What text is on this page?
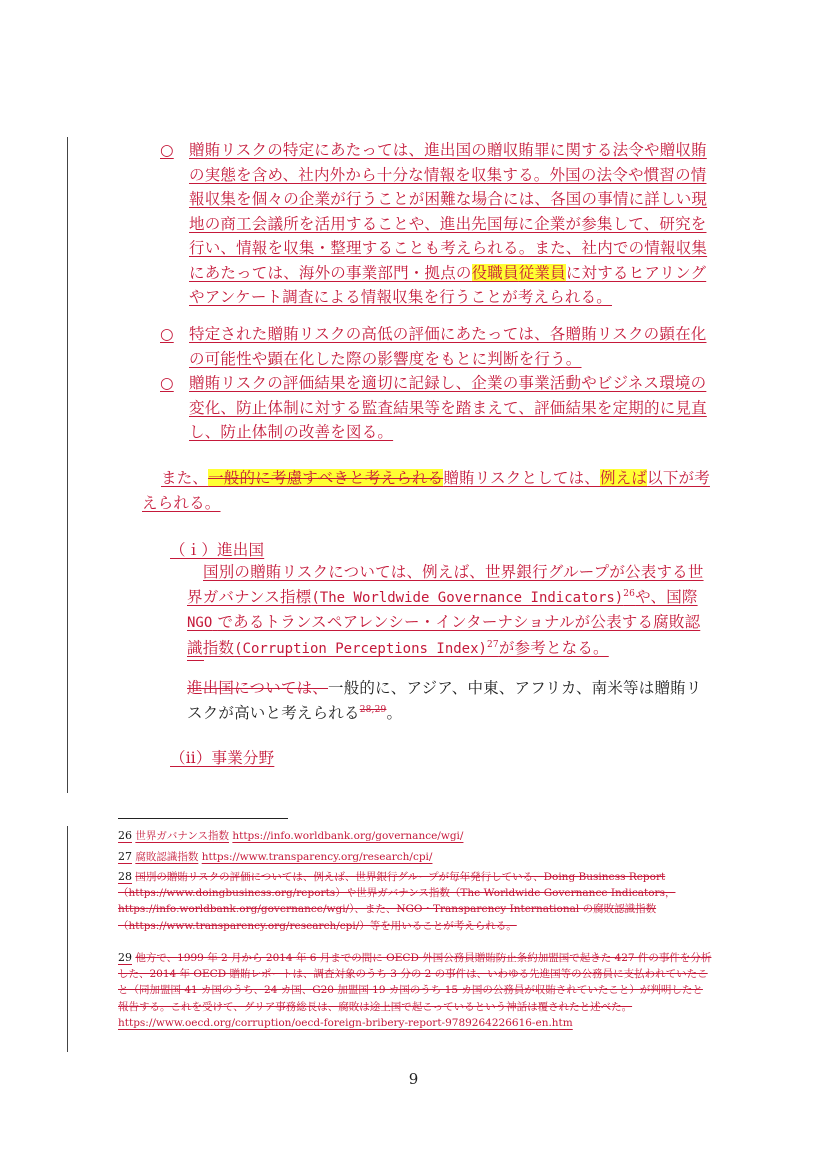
○ 贈賄リスクの特定にあたっては、進出国の贈収賄罪に関する法令や贈収賄の実態を含め、社内外から十分な情報を収集する。外国の法令や慣習の情報収集を個々の企業が行うことが困難な場合には、各国の事情に詳しい現地の商工会議所を活用することや、進出先国毎に企業が参集して、研究を行い、情報を収集・整理することも考えられる。また、社内での情報収集にあたっては、海外の事業部門・拠点の役職員従業員に対するヒアリングやアンケート調査による情報収集を行うことが考えられる。
○ 特定された贈賄リスクの高低の評価にあたっては、各贈賄リスクの顕在化の可能性や顕在化した際の影響度をもとに判断を行う。
○ 贈賄リスクの評価結果を適切に記録し、企業の事業活動やビジネス環境の変化、防止体制に対する監査結果等を踏まえて、評価結果を定期的に見直し、防止体制の改善を図る。
また、一般的に考慮すべきと考えられる贈賄リスクとしては、例えば以下が考えられる。
（ｉ）進出国
国別の贈賄リスクについては、例えば、世界銀行グループが公表する世界ガバナンス指標(The Worldwide Governance Indicators)$^{26}$や、国際 NGO であるトランスペアレンシー・インターナショナルが公表する腐敗認識指数(Corruption Perceptions Index)$^{27}$が参考となる。
進出国については、一般的に、アジア、中東、アフリカ、南米等は贈賄リスクが高いと考えられる$^{28,29}$。
（ⅱ）事業分野
26 世界ガバナンス指数 https://info.worldbank.org/governance/wgi/
27 腐敗認識指数 https://www.transparency.org/research/cpi/
28 国別の贈賄リスクの評価については、例えば、世界銀行グループが毎年発行している、Doing Business Report（https://www.doingbusiness.org/reports）や世界ガバナンス指数（The Worldwide Governance Indicators，https://info.worldbank.org/governance/wgi/）、また、NGO・Transparency International の腐敗認識指数（https://www.transparency.org/research/cpi/）等を用いることが考えられる。
29 他方で、1999 年 2 月から 2014 年 6 月までの間に OECD 外国公務員贈賄防止条約加盟国で起きた 427 件の事件を分析した、2014 年 OECD 贈賄レポートは、調査対象のうち 3 分の 2 の事件は、いわゆる先進国等の公務員に支払われていたこと（同加盟国 41 カ国のうち、24 カ国、G20 加盟国 19 カ国のうち 15 カ国の公務員が収賄されていたこと）が判明したと報告する。これを受けて、グリア事務総長は、腐敗は途上国で起こっているという神話は覆されたと述べた。 https://www.oecd.org/corruption/oecd-foreign-bribery-report-9789264226616-en.htm
9
